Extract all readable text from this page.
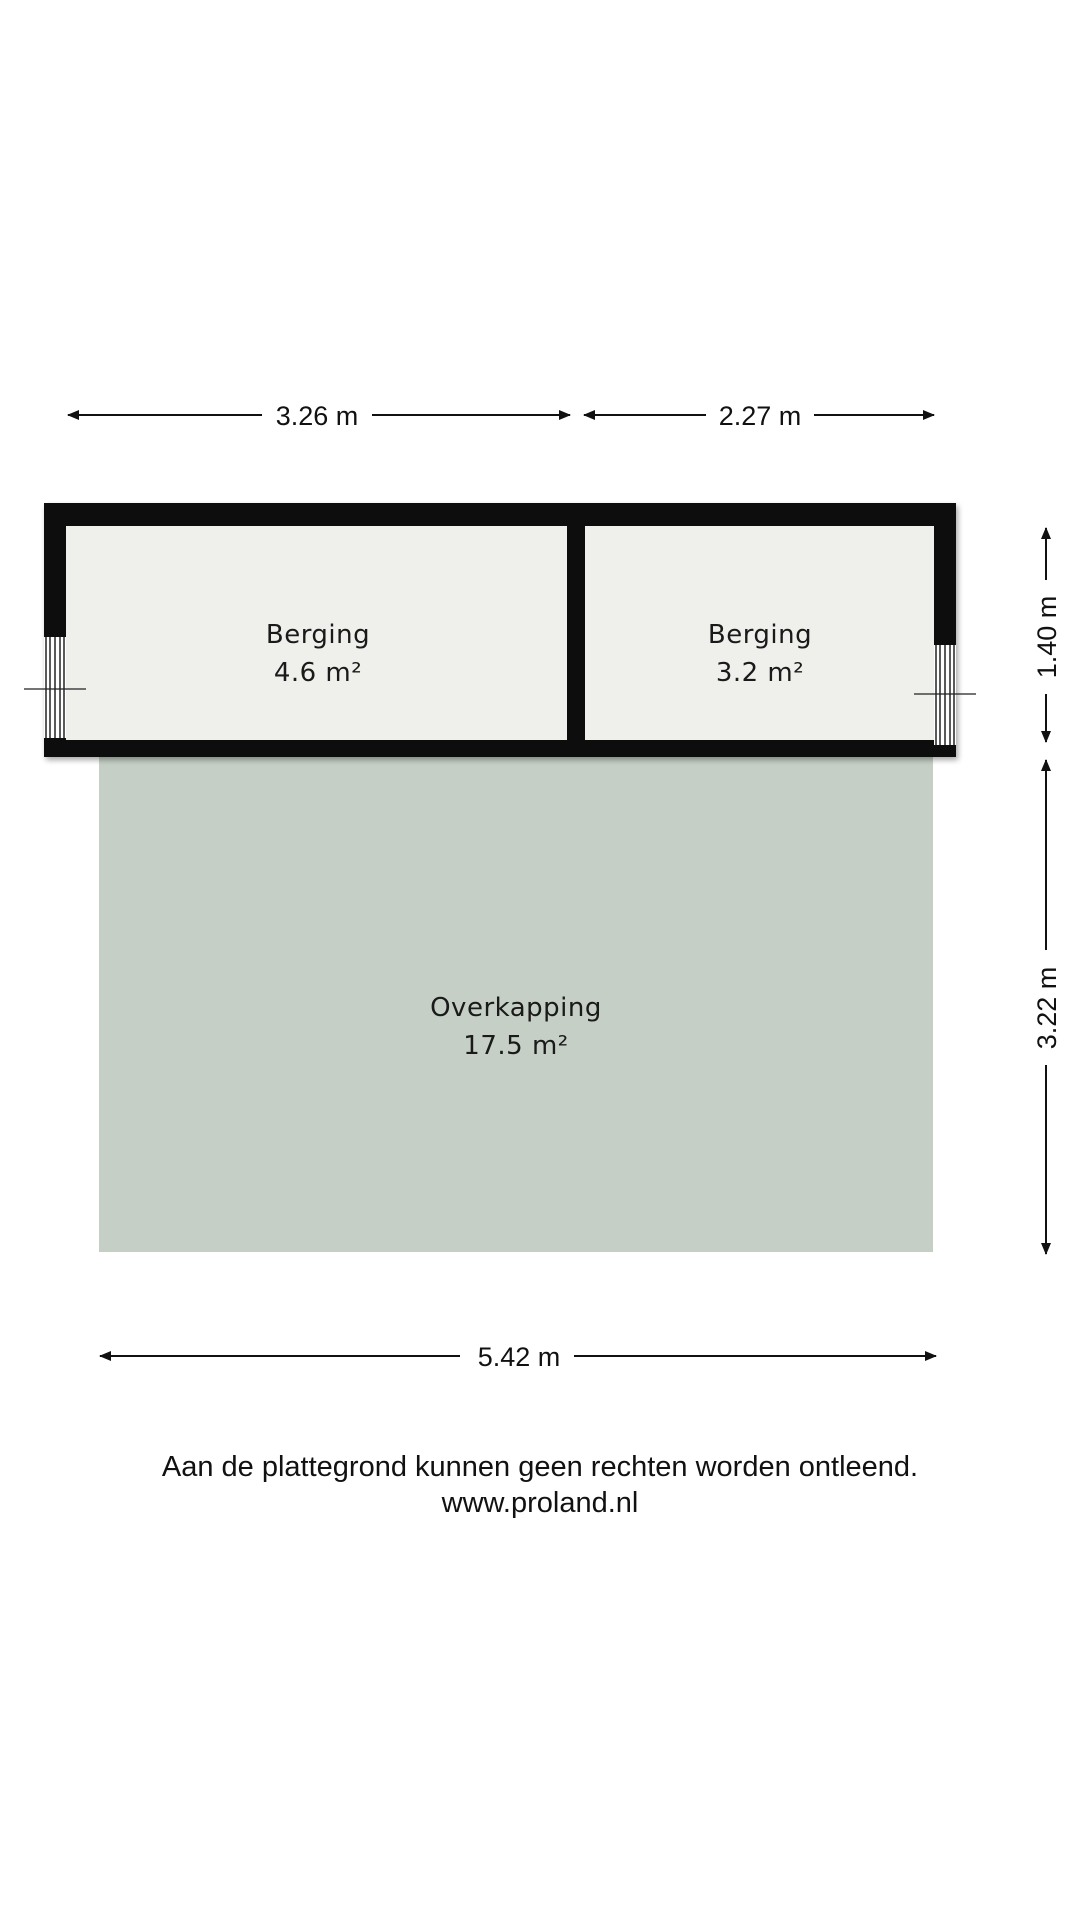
Berging
4.6 m²
Berging
3.2 m²
Overkapping
17.5 m²
3.26 m	2.27 m
1.40 m
3.22 m
5.42 m
Aan de plattegrond kunnen geen rechten worden ontleend.
www.proland.nl
